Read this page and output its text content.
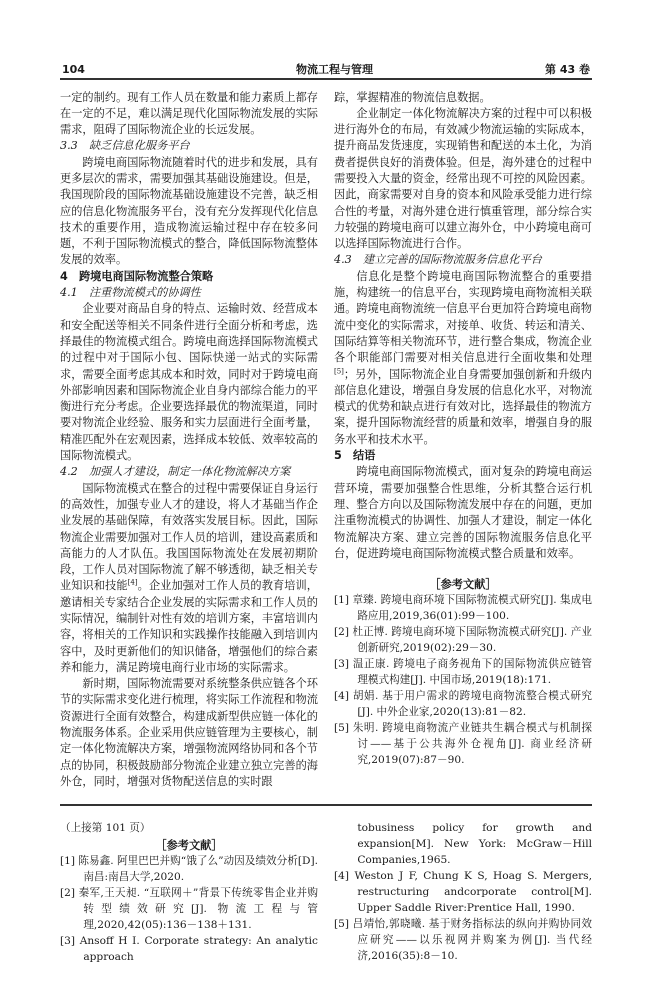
104	物流工程与管理	第 43 卷

一定的制约。现有工作人员在数量和能力素质上都存在一定的不足，难以满足现代化国际物流发展的实际需求，阻碍了国际物流企业的长远发展。

3.3　缺乏信息化服务平台

跨境电商国际物流随着时代的进步和发展，具有更多层次的需求，需要加强其基础设施建设。但是，我国现阶段的国际物流基础设施建设不完善，缺乏相应的信息化物流服务平台，没有充分发挥现代化信息技术的重要作用，造成物流运输过程中存在较多问题，不利于国际物流模式的整合，降低国际物流整体发展的效率。

4　跨境电商国际物流整合策略

4.1　注重物流模式的协调性

企业要对商品自身的特点、运输时效、经营成本和安全配送等相关不同条件进行全面分析和考虑，选择最佳的物流模式组合。跨境电商选择国际物流模式的过程中对于国际小包、国际快递一站式的实际需求，需要全面考虑其成本和时效，同时对于跨境电商外部影响因素和国际物流企业自身内部综合能力的平衡进行充分考虑。企业要选择最优的物流渠道，同时要对物流企业经验、服务和实力层面进行全面考量，精准匹配外在宏观因素，选择成本较低、效率较高的国际物流模式。

4.2　加强人才建设，制定一体化物流解决方案

国际物流模式在整合的过程中需要保证自身运行的高效性，加强专业人才的建设，将人才基础当作企业发展的基础保障，有效落实发展目标。因此，国际物流企业需要加强对工作人员的培训，建设高素质和高能力的人才队伍。我国国际物流处在发展初期阶段，工作人员对国际物流了解不够透彻，缺乏相关专业知识和技能[4]。企业加强对工作人员的教育培训，邀请相关专家结合企业发展的实际需求和工作人员的实际情况，编制针对性有效的培训方案，丰富培训内容，将相关的工作知识和实践操作技能融入到培训内容中，及时更新他们的知识储备，增强他们的综合素养和能力，满足跨境电商行业市场的实际需求。

新时期，国际物流需要对系统整条供应链各个环节的实际需求变化进行梳理，将实际工作流程和物流资源进行全面有效整合，构建成新型供应链一体化的物流服务体系。企业采用供应链管理为主要核心，制定一体化物流解决方案，增强物流网络协同和各个节点的协同，积极鼓励部分物流企业建立独立完善的海外仓，同时，增强对货物配送信息的实时跟

踪，掌握精准的物流信息数据。

企业制定一体化物流解决方案的过程中可以积极进行海外仓的布局，有效减少物流运输的实际成本，提升商品发货速度，实现销售和配送的本土化，为消费者提供良好的消费体验。但是，海外建仓的过程中需要投入大量的资金，经常出现不可控的风险因素。因此，商家需要对自身的资本和风险承受能力进行综合性的考量，对海外建仓进行慎重管理，部分综合实力较强的跨境电商可以建立海外仓，中小跨境电商可以选择国际物流进行合作。

4.3　建立完善的国际物流服务信息化平台

信息化是整个跨境电商国际物流整合的重要措施，构建统一的信息平台，实现跨境电商物流相关联通。跨境电商物流统一信息平台更加符合跨境电商物流中变化的实际需求，对接单、收货、转运和清关、国际结算等相关物流环节，进行整合集成，物流企业各个职能部门需要对相关信息进行全面收集和处理[5]；另外，国际物流企业自身需要加强创新和升级内部信息化建设，增强自身发展的信息化水平，对物流模式的优势和缺点进行有效对比，选择最佳的物流方案，提升国际物流经营的质量和效率，增强自身的服务水平和技术水平。

5　结语

跨境电商国际物流模式，面对复杂的跨境电商运营环境，需要加强整合性思维，分析其整合运行机理、整合方向以及国际物流发展中存在的问题，更加注重物流模式的协调性、加强人才建设，制定一体化物流解决方案、建立完善的国际物流服务信息化平台，促进跨境电商国际物流模式整合质量和效率。

［参考文献］

[1] 章臻. 跨境电商环境下国际物流模式研究[J]. 集成电路应用,2019,36(01):99－100.

[2] 杜正博. 跨境电商环境下国际物流模式研究[J]. 产业创新研究,2019(02):29－30.

[3] 温正康. 跨境电子商务视角下的国际物流供应链管理模式构建[J]. 中国市场,2019(18):171.

[4] 胡娟. 基于用户需求的跨境电商物流整合模式研究[J]. 中外企业家,2020(13):81－82.

[5] 朱明. 跨境电商物流产业链共生耦合模式与机制探讨——基于公共海外仓视角[J]. 商业经济研究,2019(07):87－90.

（上接第 101 页）

［参考文献］

[1] 陈易鑫. 阿里巴巴并购“饿了么”动因及绩效分析[D]. 南昌:南昌大学,2020.

[2] 秦军,王天昶. “互联网＋”背景下传统零售企业并购转型绩效研究[J]. 物流工程与管理,2020,42(05):136－138＋131.

[3] Ansoff H I. Corporate strategy: An analytic approach

tobusiness policy for growth and expansion[M]. New York: McGraw－Hill Companies,1965.

[4] Weston J F, Chung K S, Hoag S. Mergers, restructuring andcorporate control[M]. Upper Saddle River:Prentice Hall, 1990.

[5] 吕靖怡,郭晓曦. 基于财务指标法的纵向并购协同效应研究——以乐视网并购案为例[J]. 当代经济,2016(35):8－10.
